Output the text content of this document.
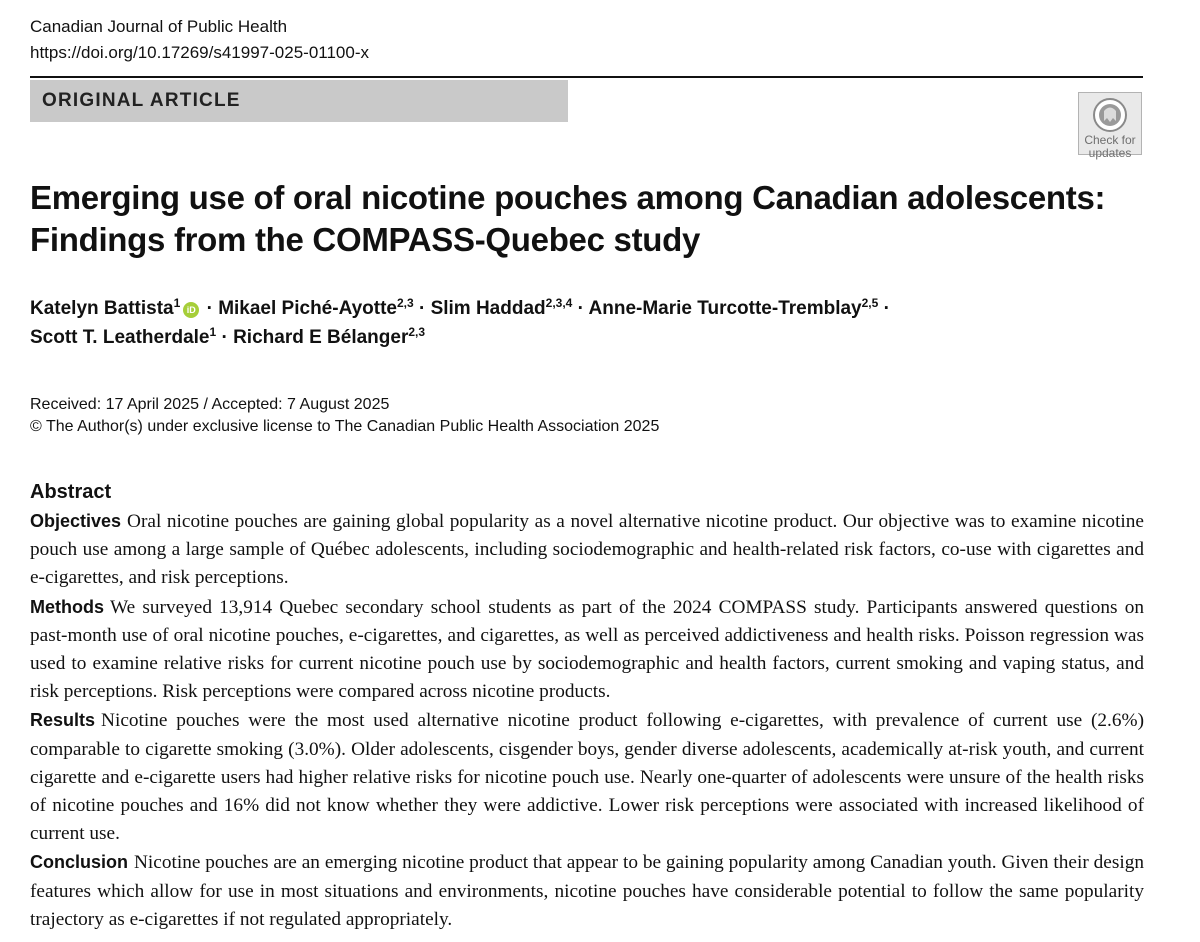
Canadian Journal of Public Health
https://doi.org/10.17269/s41997-025-01100-x
ORIGINAL ARTICLE
Check for
updates
Emerging use of oral nicotine pouches among Canadian adolescents:
Findings from the COMPASS-Quebec study
Katelyn Battista$^1$ iD · Mikael Piché-Ayotte$^{2,3}$ · Slim Haddad$^{2,3,4}$ · Anne-Marie Turcotte-Tremblay$^{2,5}$ ·
Scott T. Leatherdale$^1$ · Richard E Bélanger$^{2,3}$
Received: 17 April 2025 / Accepted: 7 August 2025
© The Author(s) under exclusive license to The Canadian Public Health Association 2025
Abstract

Objectives Oral nicotine pouches are gaining global popularity as a novel alternative nicotine product. Our objective was to examine nicotine pouch use among a large sample of Québec adolescents, including sociodemographic and health-related risk factors, co-use with cigarettes and e-cigarettes, and risk perceptions.

Methods We surveyed 13,914 Quebec secondary school students as part of the 2024 COMPASS study. Participants answered questions on past-month use of oral nicotine pouches, e-cigarettes, and cigarettes, as well as perceived addictiveness and health risks. Poisson regression was used to examine relative risks for current nicotine pouch use by sociodemographic and health factors, current smoking and vaping status, and risk perceptions. Risk perceptions were compared across nicotine products.

Results Nicotine pouches were the most used alternative nicotine product following e-cigarettes, with prevalence of current use (2.6%) comparable to cigarette smoking (3.0%). Older adolescents, cisgender boys, gender diverse adolescents, academically at-risk youth, and current cigarette and e-cigarette users had higher relative risks for nicotine pouch use. Nearly one-quarter of adolescents were unsure of the health risks of nicotine pouches and 16% did not know whether they were addictive. Lower risk perceptions were associated with increased likelihood of current use.

Conclusion Nicotine pouches are an emerging nicotine product that appear to be gaining popularity among Canadian youth. Given their design features which allow for use in most situations and environments, nicotine pouches have considerable potential to follow the same popularity trajectory as e-cigarettes if not regulated appropriately.
